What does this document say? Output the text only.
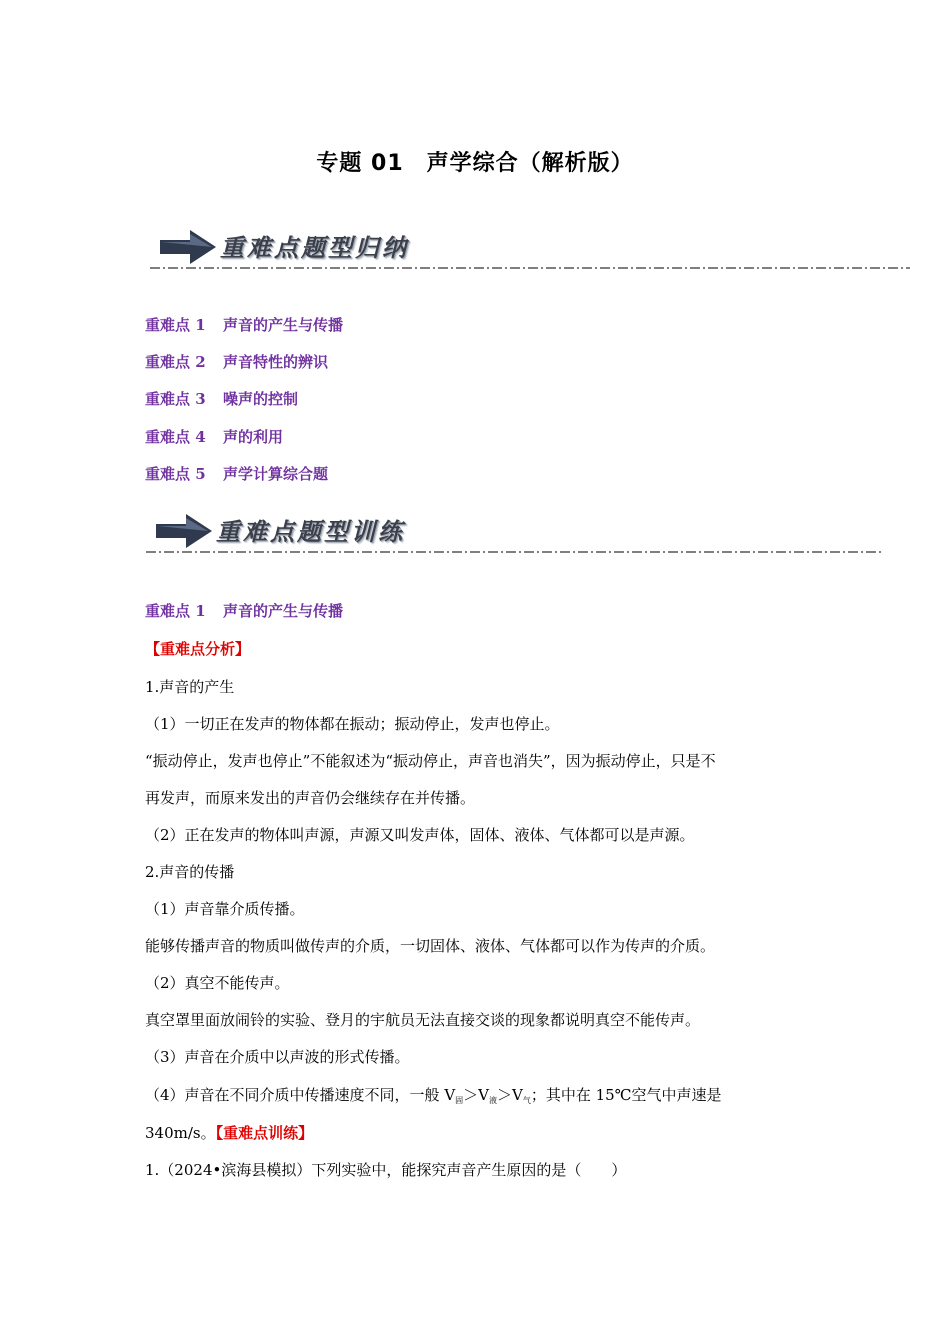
专题 01　声学综合（解析版）
重难点题型归纳
重难点 1 声音的产生与传播
重难点 2 声音特性的辨识
重难点 3 噪声的控制
重难点 4 声的利用
重难点 5 声学计算综合题
重难点题型训练
重难点 1 声音的产生与传播
【重难点分析】
1.声音的产生
（1）一切正在发声的物体都在振动；振动停止，发声也停止。
“振动停止，发声也停止”不能叙述为“振动停止，声音也消失”，因为振动停止，只是不
再发声，而原来发出的声音仍会继续存在并传播。
（2）正在发声的物体叫声源，声源又叫发声体，固体、液体、气体都可以是声源。
2.声音的传播
（1）声音靠介质传播。
能够传播声音的物质叫做传声的介质，一切固体、液体、气体都可以作为传声的介质。
（2）真空不能传声。
真空罩里面放闹铃的实验、登月的宇航员无法直接交谈的现象都说明真空不能传声。
（3）声音在介质中以声波的形式传播。
（4）声音在不同介质中传播速度不同，一般 $V_固>V_液>V_气$；其中在 15℃空气中声速是
340m/s。【重难点训练】
1.（2024•滨海县模拟）下列实验中，能探究声音产生原因的是（　　）
